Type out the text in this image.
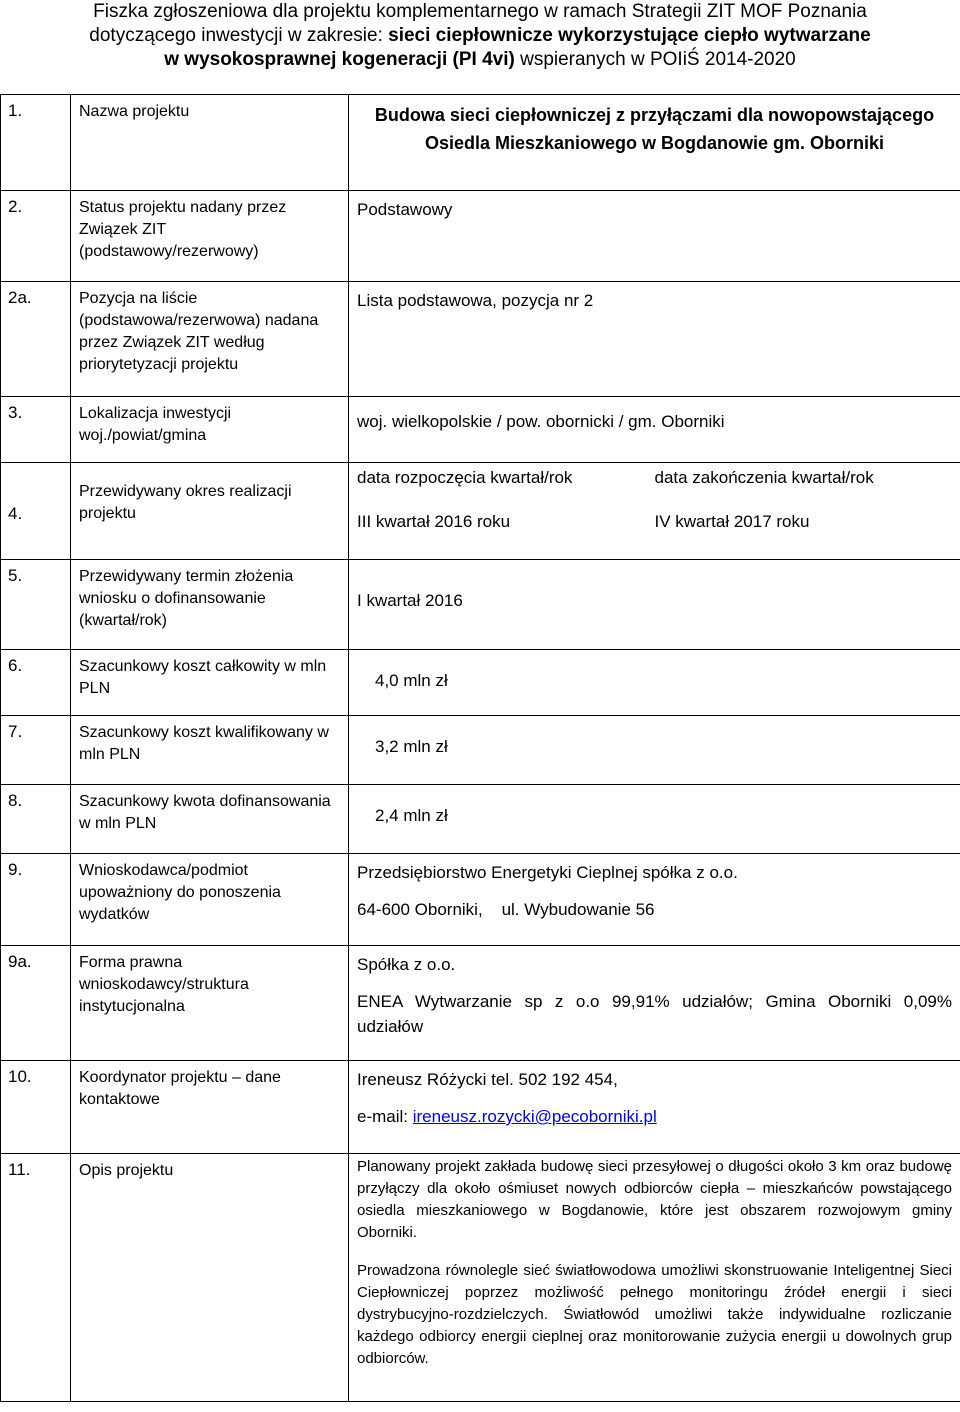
Fiszka zgłoszeniowa dla projektu komplementarnego w ramach Strategii ZIT MOF Poznania
dotyczącego inwestycji w zakresie: sieci ciepłownicze wykorzystujące ciepło wytwarzane
w wysokosprawnej kogeneracji (PI 4vi) wspieranych w POIiŚ 2014-2020
1.	Nazwa projektu	Budowa sieci ciepłowniczej z przyłączami dla nowopowstającego Osiedla Mieszkaniowego w Bogdanowie gm. Oborniki

2.	Status projektu nadany przez Związek ZIT (podstawowy/rezerwowy)	Podstawowy
2a.	Pozycja na liście (podstawowa/rezerwowa) nadana przez Związek ZIT według priorytetyzacji projektu	Lista podstawowa, pozycja nr 2
3.	Lokalizacja inwestycji woj./powiat/gmina	woj. wielkopolskie / pow. obornicki / gm. Oborniki
4.	Przewidywany okres realizacji projektu	data rozpoczęcia kwartał/rok data zakończenia kwartał/rok
III kwartał 2016 roku IV kwartał 2017 roku

5.	Przewidywany termin złożenia wniosku o dofinansowanie (kwartał/rok)	I kwartał 2016
6.	Szacunkowy koszt całkowity w mln PLN	4,0 mln zł
7.	Szacunkowy koszt kwalifikowany w mln PLN	3,2 mln zł
8.	Szacunkowy kwota dofinansowania w mln PLN	2,4 mln zł
9.	Wnioskodawca/podmiot upoważniony do ponoszenia wydatków	Przedsiębiorstwo Energetyki Cieplnej spółka z o.o.
64-600 Oborniki,    ul. Wybudowanie 56

9a.	Forma prawna wnioskodawcy/struktura instytucjonalna	Spółka z o.o.
ENEA Wytwarzanie sp z o.o 99,91% udziałów; Gmina Oborniki 0,09% udziałów

10.	Koordynator projektu – dane kontaktowe	Ireneusz Różycki tel. 502 192 454,
e-mail: ireneusz.rozycki@pecoborniki.pl

11.	Opis projektu	Planowany projekt zakłada budowę sieci przesyłowej o długości około 3 km oraz budowę przyłączy dla około ośmiuset nowych odbiorców ciepła – mieszkańców powstającego osiedla mieszkaniowego w Bogdanowie, które jest obszarem rozwojowym gminy Oborniki.
Prowadzona równolegle sieć światłowodowa umożliwi skonstruowanie Inteligentnej Sieci Ciepłowniczej poprzez możliwość pełnego monitoringu źródeł energii i sieci dystrybucyjno-rozdzielczych. Światłowód umożliwi także indywidualne rozliczanie każdego odbiorcy energii cieplnej oraz monitorowanie zużycia energii u dowolnych grup odbiorców.
